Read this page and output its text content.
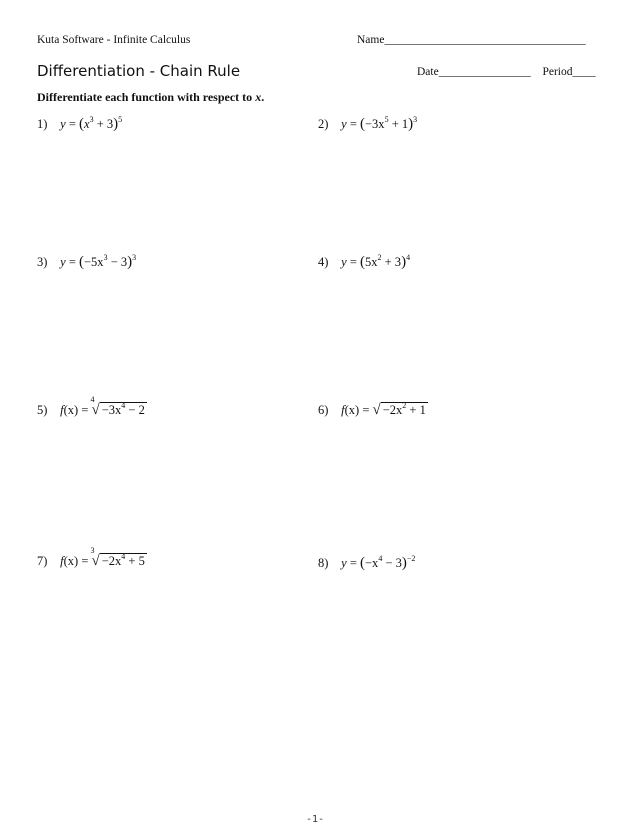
Kuta Software - Infinite Calculus	Name___________________________________
Differentiation - Chain Rule	Date________________ Period____
Differentiate each function with respect to x.
1) $y = (x^3 + 3)^5$	2) $y = (-3x^5 + 1)^3$
3) $y = (-5x^3 - 3)^3$	4) $y = (5x^2 + 3)^4$
5) f(x) =
4
√ $-3x^4 - 2$	6) f(x) = √ $-2x^2 + 1$
7) f(x) =
3
√ $-2x^4 + 5$	8) $y = (-x^4 - 3)^{-2}$
-1-
